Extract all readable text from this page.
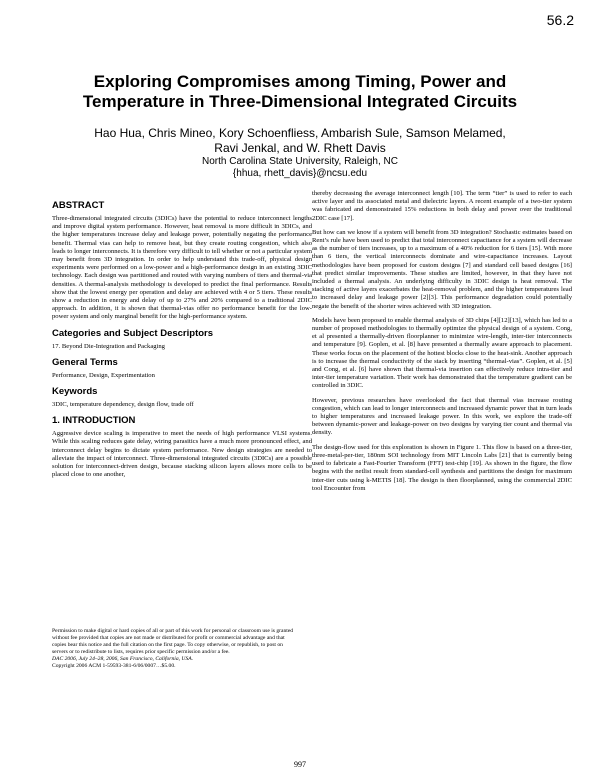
56.2
Exploring Compromises among Timing, Power and
Temperature in Three-Dimensional Integrated Circuits
Hao Hua, Chris Mineo, Kory Schoenfliess, Ambarish Sule, Samson Melamed,
Ravi Jenkal, and W. Rhett Davis
North Carolina State University, Raleigh, NC
{hhua, rhett_davis}@ncsu.edu
ABSTRACT

Three-dimensional integrated circuits (3DICs) have the potential to reduce interconnect lengths and improve digital system performance. However, heat removal is more difficult in 3DICs, and the higher temperatures increase delay and leakage power, potentially negating the performance benefit. Thermal vias can help to remove heat, but they create routing congestion, which also leads to longer interconnects. It is therefore very difficult to tell whether or not a particular system may benefit from 3D integration. In order to help understand this trade-off, physical design experiments were performed on a low-power and a high-performance design in an existing 3DIC technology. Each design was partitioned and routed with varying numbers of tiers and thermal-via densities. A thermal-analysis methodology is developed to predict the final performance. Results show that the lowest energy per operation and delay are achieved with 4 or 5 tiers. These results show a reduction in energy and delay of up to 27% and 20% compared to a traditional 2DIC approach. In addition, it is shown that thermal-vias offer no performance benefit for the low-power system and only marginal benefit for the high-performance system.

Categories and Subject Descriptors

17. Beyond Die-Integration and Packaging

General Terms

Performance, Design, Experimentation

Keywords

3DIC, temperature dependency, design flow, trade off

1. INTRODUCTION

Aggressive device scaling is imperative to meet the needs of high performance VLSI systems. While this scaling reduces gate delay, wiring parasitics have a much more pronounced effect, and interconnect delay begins to dictate system performance. New design strategies are needed to alleviate the impact of interconnect. Three-dimensional integrated circuits (3DICs) are a possible solution for interconnect-driven design, because stacking silicon layers allows more cells to be placed close to one another,

Permission to make digital or hard copies of all or part of this work for personal or classroom use is granted without fee provided that copies are not made or distributed for profit or commercial advantage and that copies bear this notice and the full citation on the first page. To copy otherwise, or republish, to post on servers or to redistribute to lists, requires prior specific permission and/or a fee.

DAC 2006, July 24–28, 2006, San Francisco, California, USA.

Copyright 2006 ACM 1-59593-381-6/06/0007…$5.00.

thereby decreasing the average interconnect length [10]. The term “tier” is used to refer to each active layer and its associated metal and dielectric layers. A recent example of a two-tier system was fabricated and demonstrated 15% reductions in both delay and power over the traditional 2DIC case [17].

But how can we know if a system will benefit from 3D integration? Stochastic estimates based on Rent’s rule have been used to predict that total interconnect capacitance for a system will decrease as the number of tiers increases, up to a maximum of a 40% reduction for 6 tiers [15]. With more than 6 tiers, the vertical interconnects dominate and wire-capacitance increases. Layout methodologies have been proposed for custom designs [7] and standard cell based designs [16] that predict similar improvements. These studies are limited, however, in that they have not included a thermal analysis. An underlying difficulty in 3DIC design is heat removal. The stacking of active layers exacerbates the heat-removal problem, and the higher temperatures lead to increased delay and leakage power [2][3]. This performance degradation could potentially negate the benefit of the shorter wires achieved with 3D integration.

Models have been proposed to enable thermal analysis of 3D chips [4][12][13], which has led to a number of proposed methodologies to thermally optimize the physical design of a system. Cong, et al presented a thermally-driven floorplanner to minimize wire-length, inter-tier interconnects and temperature [9]. Goplen, et al. [8] have presented a thermally aware approach to placement. These works focus on the placement of the hottest blocks close to the heat-sink. Another approach is to increase the thermal conductivity of the stack by inserting “thermal-vias”. Goplen, et al. [5] and Cong, et al. [6] have shown that thermal-via insertion can effectively reduce intra-tier and inter-tier temperature variation. Their work has demonstrated that the temperature gradient can be controlled in 3DIC.

However, previous researches have overlooked the fact that thermal vias increase routing congestion, which can lead to longer interconnects and increased dynamic power that in turn leads to higher temperatures and increased leakage power. In this work, we explore the trade-off between dynamic-power and leakage-power on two designs by varying tier count and thermal via density.

The design-flow used for this exploration is shown in Figure 1. This flow is based on a three-tier, three-metal-per-tier, 180nm SOI technology from MIT Lincoln Labs [21] that is currently being used to fabricate a Fast-Fourier Transform (FFT) test-chip [19]. As shown in the figure, the flow begins with the netlist result from standard-cell synthesis and partitions the design for maximum inter-tier cuts using k-METIS [18]. The design is then floorplanned, using the commercial 2DIC tool Encounter from

997
